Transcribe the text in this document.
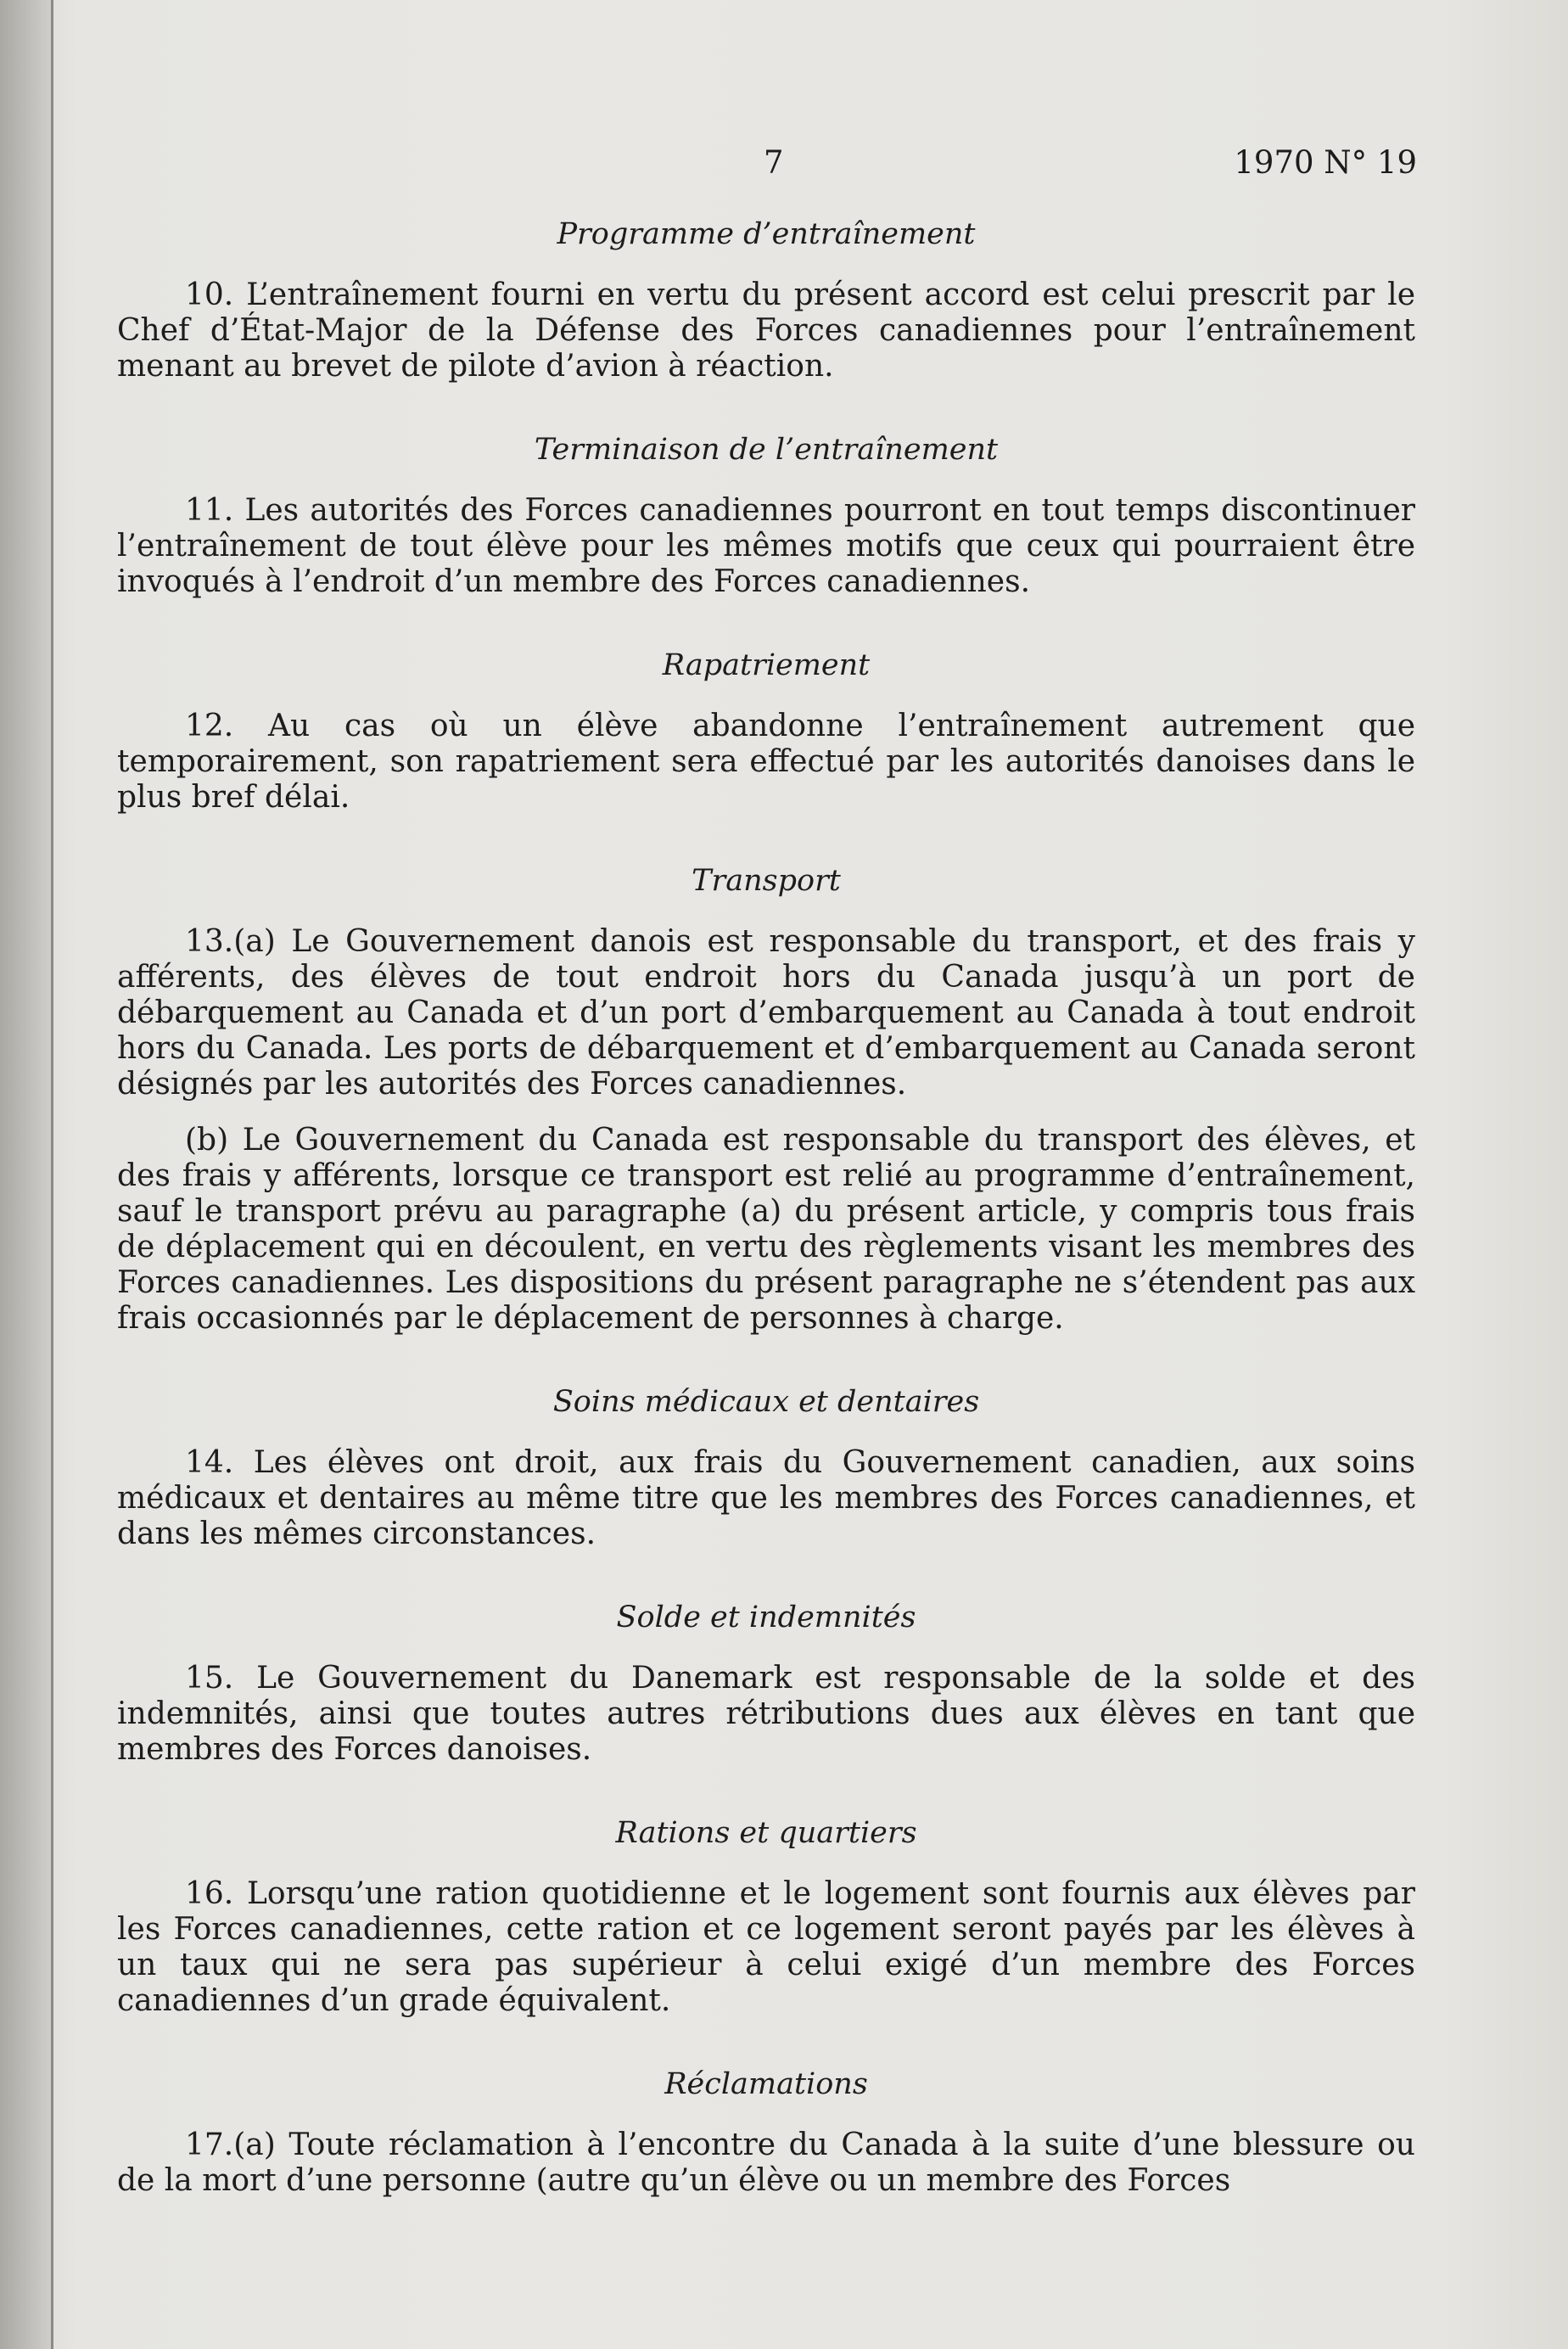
7	1970 N° 19

Programme d’entraînement

10. L’entraînement fourni en vertu du présent accord est celui prescrit par le Chef d’État-Major de la Défense des Forces canadiennes pour l’entraînement menant au brevet de pilote d’avion à réaction.

Terminaison de l’entraînement

11. Les autorités des Forces canadiennes pourront en tout temps discontinuer l’entraînement de tout élève pour les mêmes motifs que ceux qui pourraient être invoqués à l’endroit d’un membre des Forces canadiennes.

Rapatriement

12. Au cas où un élève abandonne l’entraînement autrement que temporairement, son rapatriement sera effectué par les autorités danoises dans le plus bref délai.

Transport

13.(a) Le Gouvernement danois est responsable du transport, et des frais y afférents, des élèves de tout endroit hors du Canada jusqu’à un port de débarquement au Canada et d’un port d’embarquement au Canada à tout endroit hors du Canada. Les ports de débarquement et d’embarquement au Canada seront désignés par les autorités des Forces canadiennes.

(b) Le Gouvernement du Canada est responsable du transport des élèves, et des frais y afférents, lorsque ce transport est relié au programme d’entraînement, sauf le transport prévu au paragraphe (a) du présent article, y compris tous frais de déplacement qui en découlent, en vertu des règlements visant les membres des Forces canadiennes. Les dispositions du présent paragraphe ne s’étendent pas aux frais occasionnés par le déplacement de personnes à charge.

Soins médicaux et dentaires

14. Les élèves ont droit, aux frais du Gouvernement canadien, aux soins médicaux et dentaires au même titre que les membres des Forces canadiennes, et dans les mêmes circonstances.

Solde et indemnités

15. Le Gouvernement du Danemark est responsable de la solde et des indemnités, ainsi que toutes autres rétributions dues aux élèves en tant que membres des Forces danoises.

Rations et quartiers

16. Lorsqu’une ration quotidienne et le logement sont fournis aux élèves par les Forces canadiennes, cette ration et ce logement seront payés par les élèves à un taux qui ne sera pas supérieur à celui exigé d’un membre des Forces canadiennes d’un grade équivalent.

Réclamations

17.(a) Toute réclamation à l’encontre du Canada à la suite d’une blessure ou de la mort d’une personne (autre qu’un élève ou un membre des Forces
